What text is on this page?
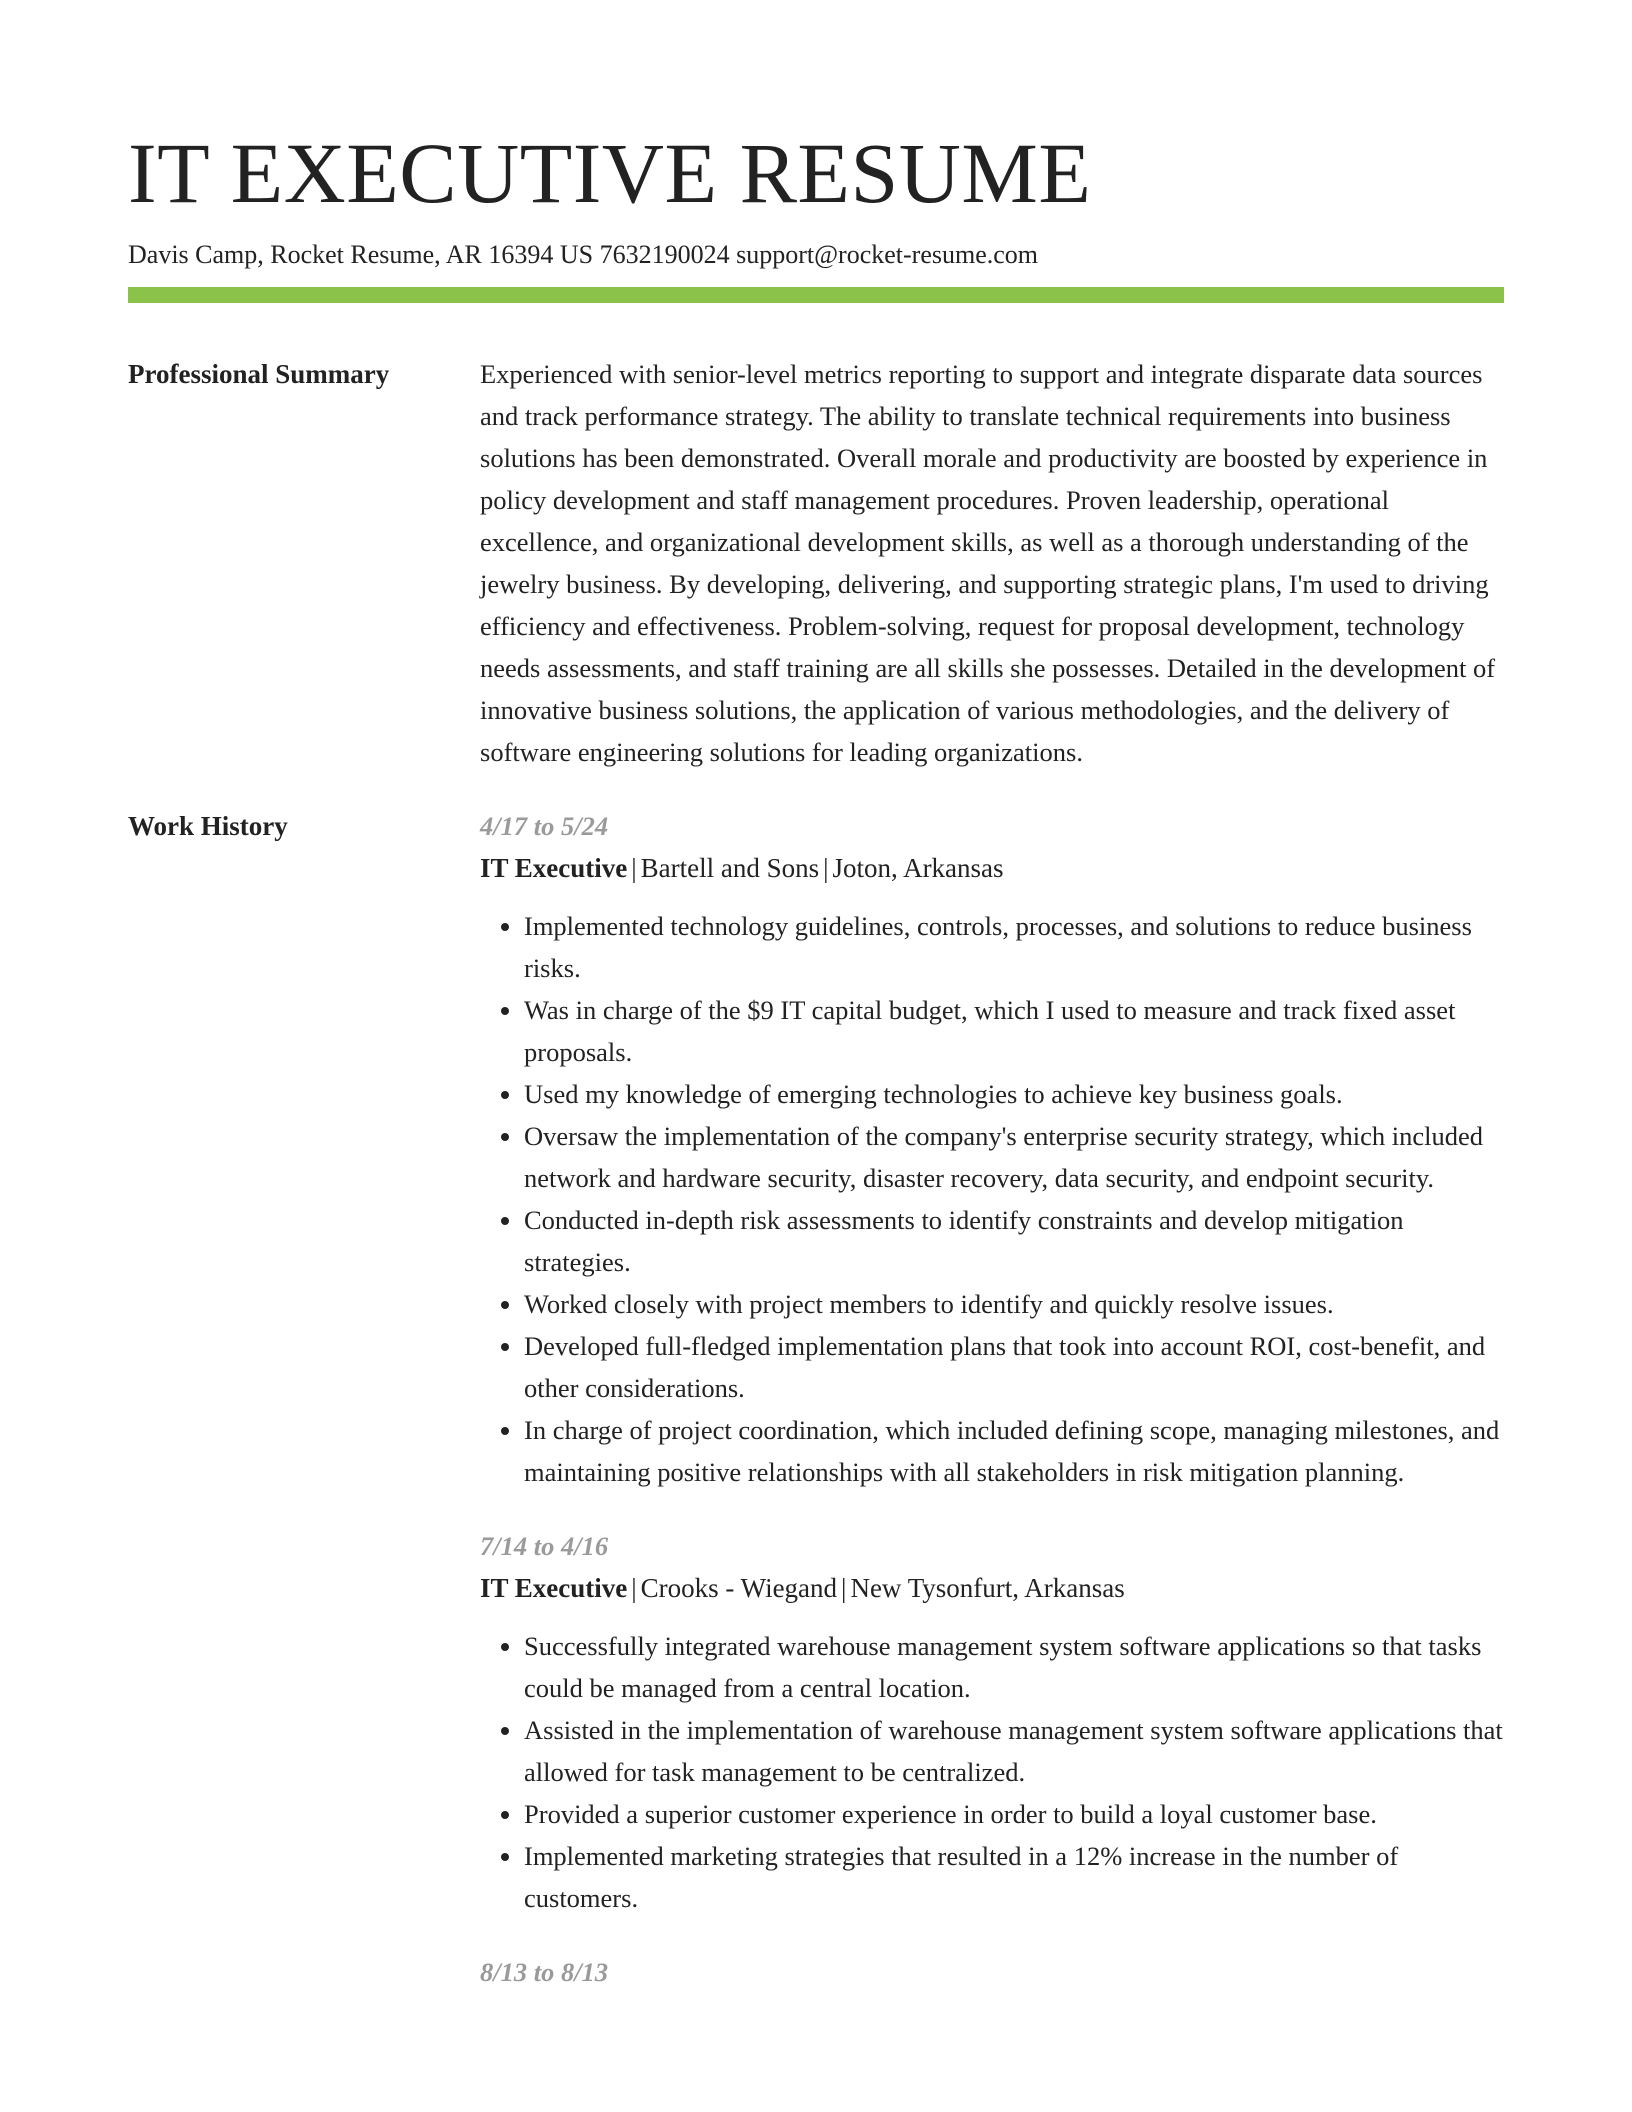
IT EXECUTIVE RESUME
Davis Camp, Rocket Resume, AR 16394 US 7632190024 support@rocket-resume.com
Professional Summary	Experienced with senior-level metrics reporting to support and integrate disparate data sources and track performance strategy. The ability to translate technical requirements into business solutions has been demonstrated. Overall morale and productivity are boosted by experience in policy development and staff management procedures. Proven leadership, operational excellence, and organizational development skills, as well as a thorough understanding of the jewelry business. By developing, delivering, and supporting strategic plans, I'm used to driving efficiency and effectiveness. Problem-solving, request for proposal development, technology needs assessments, and staff training are all skills she possesses. Detailed in the development of innovative business solutions, the application of various methodologies, and the delivery of software engineering solutions for leading organizations.

Work History	4/17 to 5/24
IT Executive | Bartell and Sons | Joton, Arkansas
• Implemented technology guidelines, controls, processes, and solutions to reduce business risks.
• Was in charge of the $9 IT capital budget, which I used to measure and track fixed asset proposals.
• Used my knowledge of emerging technologies to achieve key business goals.
• Oversaw the implementation of the company's enterprise security strategy, which included network and hardware security, disaster recovery, data security, and endpoint security.
• Conducted in-depth risk assessments to identify constraints and develop mitigation strategies.
• Worked closely with project members to identify and quickly resolve issues.
• Developed full-fledged implementation plans that took into account ROI, cost-benefit, and other considerations.
• In charge of project coordination, which included defining scope, managing milestones, and maintaining positive relationships with all stakeholders in risk mitigation planning.
7/14 to 4/16
IT Executive | Crooks - Wiegand | New Tysonfurt, Arkansas
• Successfully integrated warehouse management system software applications so that tasks could be managed from a central location.
• Assisted in the implementation of warehouse management system software applications that allowed for task management to be centralized.
• Provided a superior customer experience in order to build a loyal customer base.
• Implemented marketing strategies that resulted in a 12% increase in the number of customers.
8/13 to 8/13
